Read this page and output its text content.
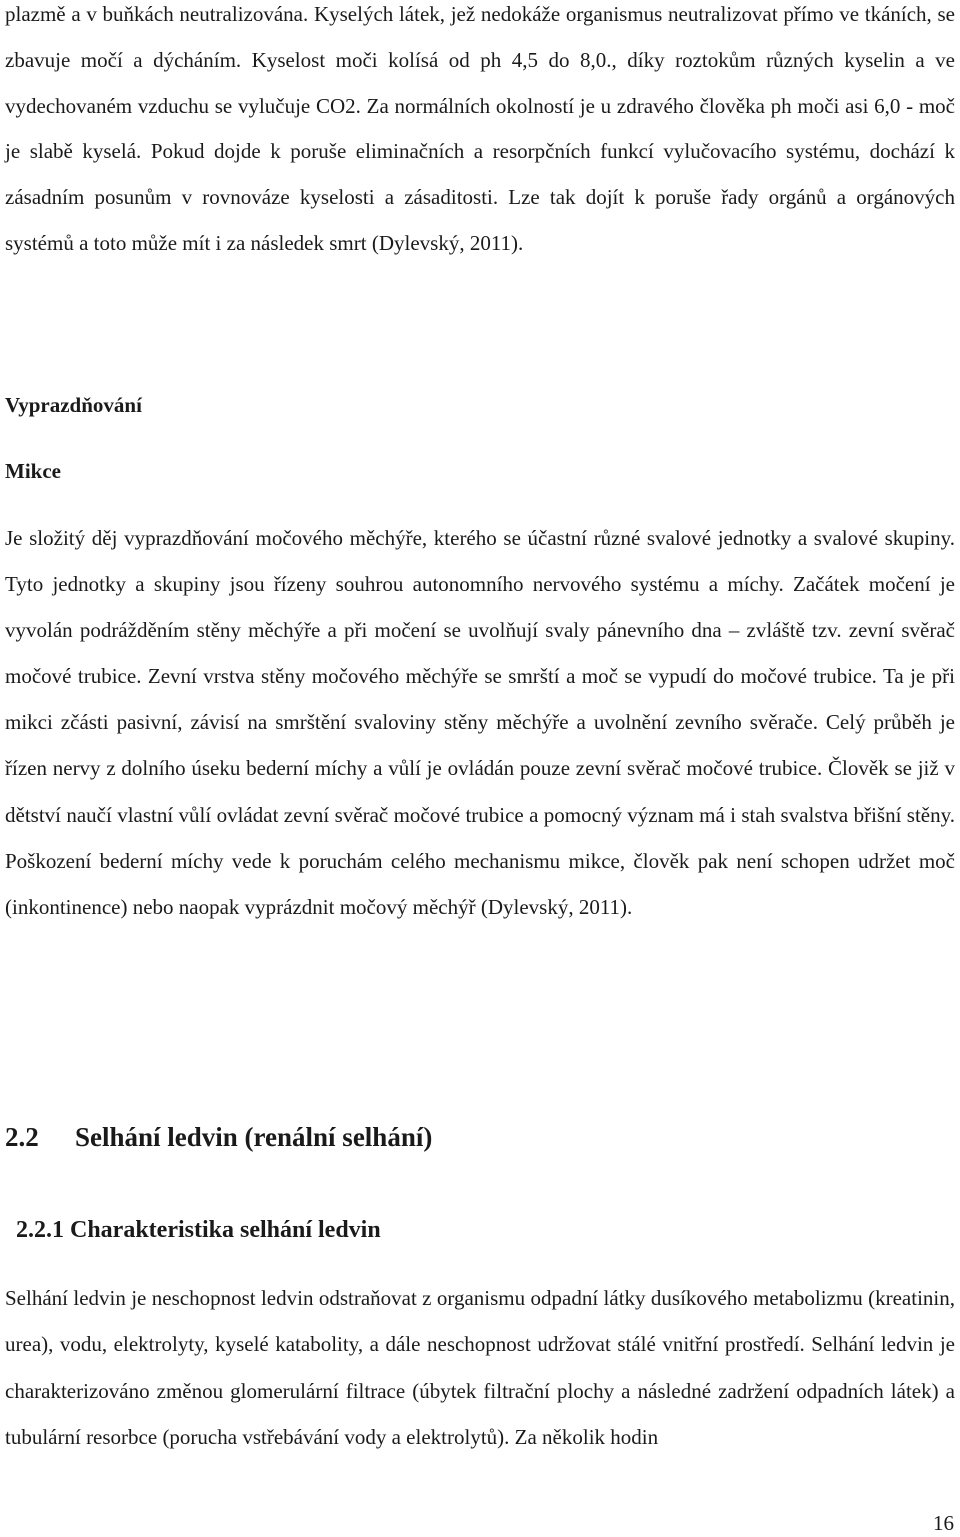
plazmě a v buňkách neutralizována. Kyselých látek, jež nedokáže organismus neutralizovat přímo ve tkáních, se zbavuje močí a dýcháním. Kyselost moči kolísá od ph 4,5 do 8,0., díky roztokům různých kyselin a ve vydechovaném vzduchu se vylučuje CO2. Za normálních okolností je u zdravého člověka ph moči asi 6,0 - moč je slabě kyselá. Pokud dojde k poruše eliminačních a resorpčních funkcí vylučovacího systému, dochází k zásadním posunům v rovnováze kyselosti a zásaditosti. Lze tak dojít k poruše řady orgánů a orgánových systémů a toto může mít i za následek smrt (Dylevský, 2011).

Vyprazdňování

Mikce

Je složitý děj vyprazdňování močového měchýře, kterého se účastní různé svalové jednotky a svalové skupiny. Tyto jednotky a skupiny jsou řízeny souhrou autonomního nervového systému a míchy. Začátek močení je vyvolán podrážděním stěny měchýře a při močení se uvolňují svaly pánevního dna – zvláště tzv. zevní svěrač močové trubice. Zevní vrstva stěny močového měchýře se smrští a moč se vypudí do močové trubice. Ta je při mikci zčásti pasivní, závisí na smrštění svaloviny stěny měchýře a uvolnění zevního svěrače. Celý průběh je řízen nervy z dolního úseku bederní míchy a vůlí je ovládán pouze zevní svěrač močové trubice. Člověk se již v dětství naučí vlastní vůlí ovládat zevní svěrač močové trubice a pomocný význam má i stah svalstva břišní stěny. Poškození bederní míchy vede k poruchám celého mechanismu mikce, člověk pak není schopen udržet moč (inkontinence) nebo naopak vyprázdnit močový měchýř (Dylevský, 2011).

2.2 Selhání ledvin (renální selhání)
2.2.1 Charakteristika selhání ledvin

Selhání ledvin je neschopnost ledvin odstraňovat z organismu odpadní látky dusíkového metabolizmu (kreatinin, urea), vodu, elektrolyty, kyselé katabolity, a dále neschopnost udržovat stálé vnitřní prostředí. Selhání ledvin je charakterizováno změnou glomerulární filtrace (úbytek filtrační plochy a následné zadržení odpadních látek) a tubulární resorbce (porucha vstřebávání vody a elektrolytů). Za několik hodin

16
